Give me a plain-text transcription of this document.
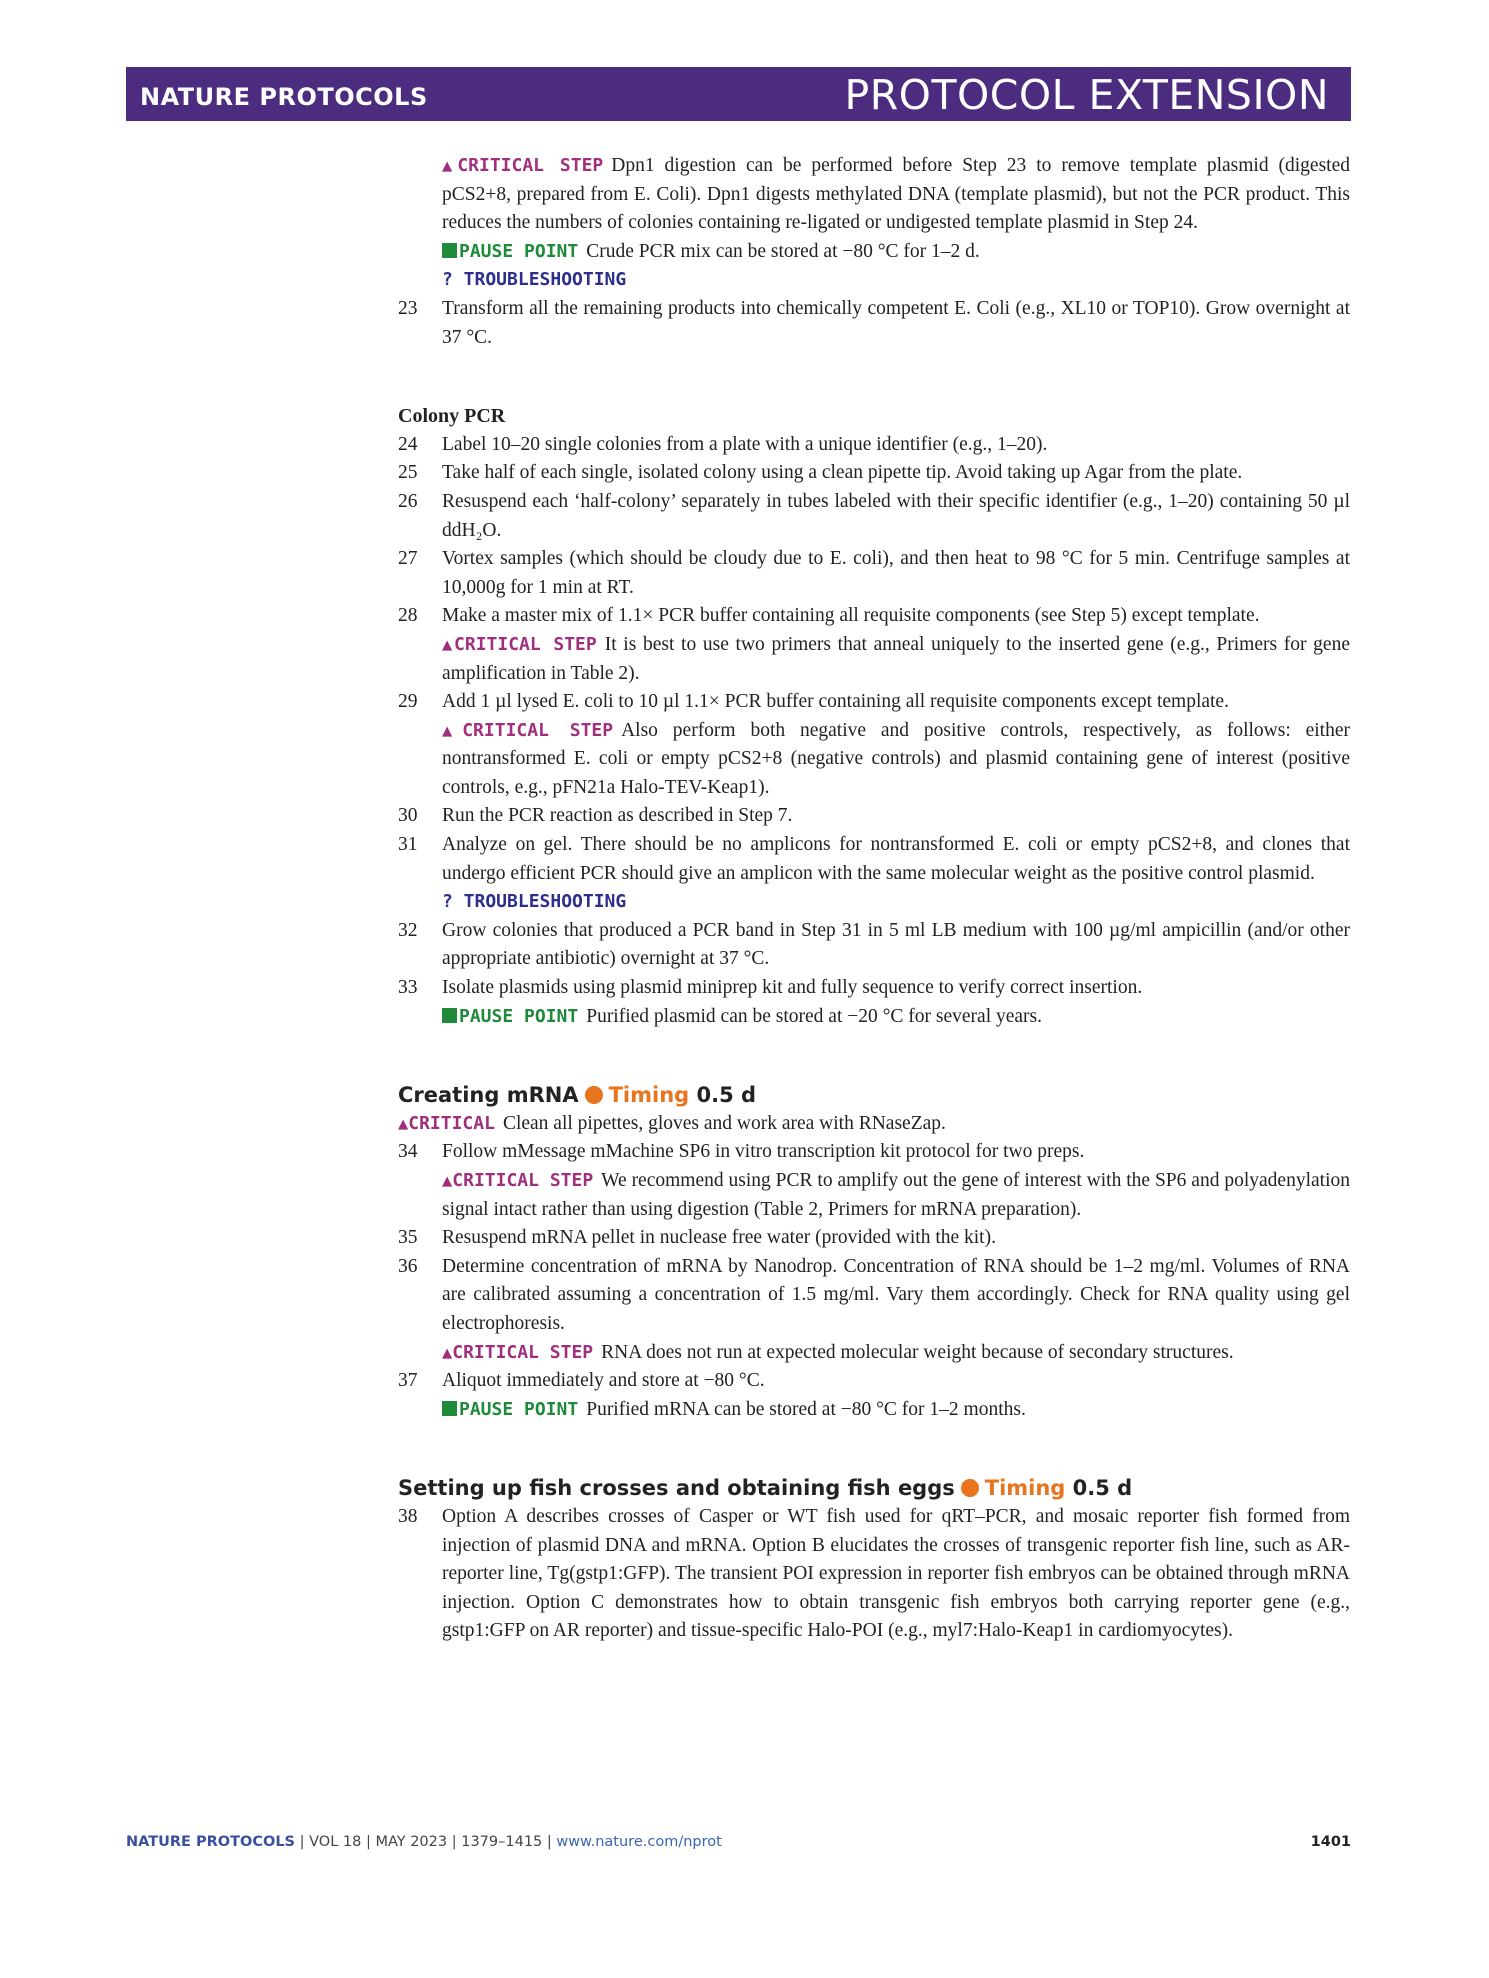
NATURE PROTOCOLS	PROTOCOL EXTENSION
▲CRITICAL STEP Dpn1 digestion can be performed before Step 23 to remove template plasmid (digested pCS2+8, prepared from E. Coli). Dpn1 digests methylated DNA (template plasmid), but not the PCR product. This reduces the numbers of colonies containing re-ligated or undigested template plasmid in Step 24.
PAUSE POINT Crude PCR mix can be stored at −80 °C for 1–2 d.
? TROUBLESHOOTING
23	Transform all the remaining products into chemically competent E. Coli (e.g., XL10 or TOP10). Grow overnight at 37 °C.
Colony PCR
24	Label 10–20 single colonies from a plate with a unique identifier (e.g., 1–20).
25	Take half of each single, isolated colony using a clean pipette tip. Avoid taking up Agar from the plate.
26	Resuspend each ‘half-colony’ separately in tubes labeled with their specific identifier (e.g., 1–20) containing 50 µl ddH₂O.
27	Vortex samples (which should be cloudy due to E. coli), and then heat to 98 °C for 5 min. Centrifuge samples at 10,000g for 1 min at RT.
28	Make a master mix of 1.1× PCR buffer containing all requisite components (see Step 5) except template.
▲CRITICAL STEP It is best to use two primers that anneal uniquely to the inserted gene (e.g., Primers for gene amplification in Table 2).
29	Add 1 µl lysed E. coli to 10 µl 1.1× PCR buffer containing all requisite components except template.
▲CRITICAL STEP Also perform both negative and positive controls, respectively, as follows: either nontransformed E. coli or empty pCS2+8 (negative controls) and plasmid containing gene of interest (positive controls, e.g., pFN21a Halo-TEV-Keap1).
30	Run the PCR reaction as described in Step 7.
31	Analyze on gel. There should be no amplicons for nontransformed E. coli or empty pCS2+8, and clones that undergo efficient PCR should give an amplicon with the same molecular weight as the positive control plasmid.
? TROUBLESHOOTING
32	Grow colonies that produced a PCR band in Step 31 in 5 ml LB medium with 100 µg/ml ampicillin (and/or other appropriate antibiotic) overnight at 37 °C.
33	Isolate plasmids using plasmid miniprep kit and fully sequence to verify correct insertion.
PAUSE POINT Purified plasmid can be stored at −20 °C for several years.
Creating mRNA Timing 0.5 d
▲CRITICAL Clean all pipettes, gloves and work area with RNaseZap.
34	Follow mMessage mMachine SP6 in vitro transcription kit protocol for two preps.
▲CRITICAL STEP We recommend using PCR to amplify out the gene of interest with the SP6 and polyadenylation signal intact rather than using digestion (Table 2, Primers for mRNA preparation).
35	Resuspend mRNA pellet in nuclease free water (provided with the kit).
36	Determine concentration of mRNA by Nanodrop. Concentration of RNA should be 1–2 mg/ml. Volumes of RNA are calibrated assuming a concentration of 1.5 mg/ml. Vary them accordingly. Check for RNA quality using gel electrophoresis.
▲CRITICAL STEP RNA does not run at expected molecular weight because of secondary structures.
37	Aliquot immediately and store at −80 °C.
PAUSE POINT Purified mRNA can be stored at −80 °C for 1–2 months.
Setting up fish crosses and obtaining fish eggs Timing 0.5 d
38	Option A describes crosses of Casper or WT fish used for qRT–PCR, and mosaic reporter fish formed from injection of plasmid DNA and mRNA. Option B elucidates the crosses of transgenic reporter fish line, such as AR-reporter line, Tg(gstp1:GFP). The transient POI expression in reporter fish embryos can be obtained through mRNA injection. Option C demonstrates how to obtain transgenic fish embryos both carrying reporter gene (e.g., gstp1:GFP on AR reporter) and tissue-specific Halo-POI (e.g., myl7:Halo-Keap1 in cardiomyocytes).
NATURE PROTOCOLS | VOL 18 | MAY 2023 | 1379–1415 | www.nature.com/nprot	1401
